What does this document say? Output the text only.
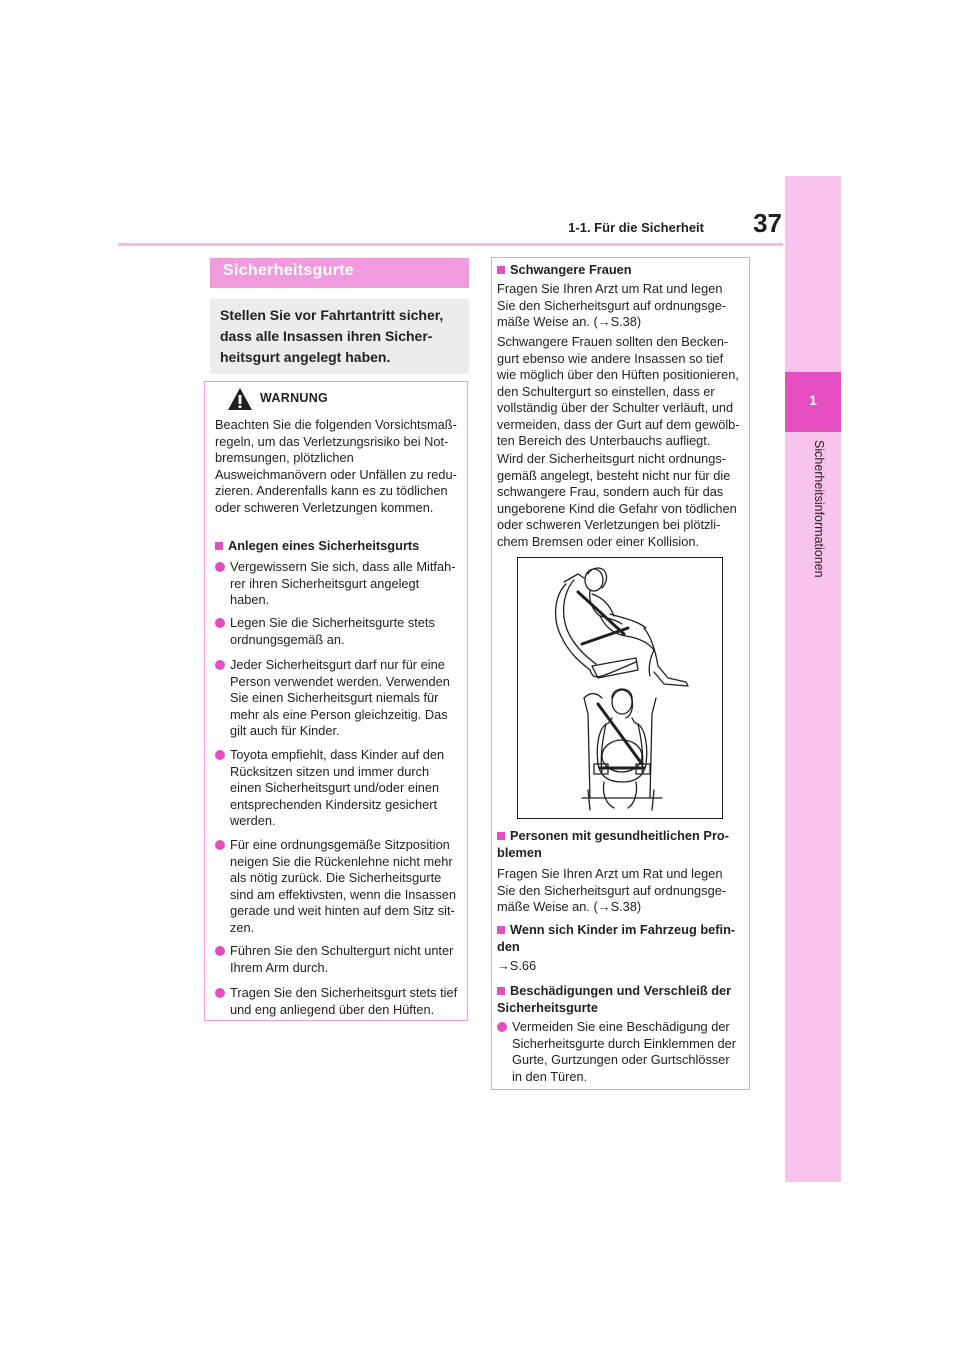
1-1. Für die Sicherheit	37
1
Sicherheitsinformationen
Sicherheitsgurte
Stellen Sie vor Fahrtantritt sicher, dass alle Insassen ihren Sicher-heitsgurt angelegt haben.
WARNUNG
Beachten Sie die folgenden Vorsichtsmaß-regeln, um das Verletzungsrisiko bei Not-bremsungen, plötzlichen Ausweichmanövern oder Unfällen zu redu-zieren. Anderenfalls kann es zu tödlichen oder schweren Verletzungen kommen.
Anlegen eines Sicherheitsgurts
Vergewissern Sie sich, dass alle Mitfah-rer ihren Sicherheitsgurt angelegt haben.
Legen Sie die Sicherheitsgurte stets ordnungsgemäß an.
Jeder Sicherheitsgurt darf nur für eine Person verwendet werden. Verwenden Sie einen Sicherheitsgurt niemals für mehr als eine Person gleichzeitig. Das gilt auch für Kinder.
Toyota empfiehlt, dass Kinder auf den Rücksitzen sitzen und immer durch einen Sicherheitsgurt und/oder einen entsprechenden Kindersitz gesichert werden.
Für eine ordnungsgemäße Sitzposition neigen Sie die Rückenlehne nicht mehr als nötig zurück. Die Sicherheitsgurte sind am effektivsten, wenn die Insassen gerade und weit hinten auf dem Sitz sit-zen.
Führen Sie den Schultergurt nicht unter Ihrem Arm durch.
Tragen Sie den Sicherheitsgurt stets tief und eng anliegend über den Hüften.
Schwangere Frauen
Fragen Sie Ihren Arzt um Rat und legen Sie den Sicherheitsgurt auf ordnungsge-mäße Weise an. (→S.38)
Schwangere Frauen sollten den Becken-gurt ebenso wie andere Insassen so tief wie möglich über den Hüften positionieren, den Schultergurt so einstellen, dass er vollständig über der Schulter verläuft, und vermeiden, dass der Gurt auf dem gewölb-ten Bereich des Unterbauchs aufliegt.
Wird der Sicherheitsgurt nicht ordnungs-gemäß angelegt, besteht nicht nur für die schwangere Frau, sondern auch für das ungeborene Kind die Gefahr von tödlichen oder schweren Verletzungen bei plötzli-chem Bremsen oder einer Kollision.
Personen mit gesundheitlichen Pro-blemen
Fragen Sie Ihren Arzt um Rat und legen Sie den Sicherheitsgurt auf ordnungsge-mäße Weise an. (→S.38)
Wenn sich Kinder im Fahrzeug befin-den
→S.66
Beschädigungen und Verschleiß der Sicherheitsgurte
Vermeiden Sie eine Beschädigung der Sicherheitsgurte durch Einklemmen der Gurte, Gurtzungen oder Gurtschlösser in den Türen.
